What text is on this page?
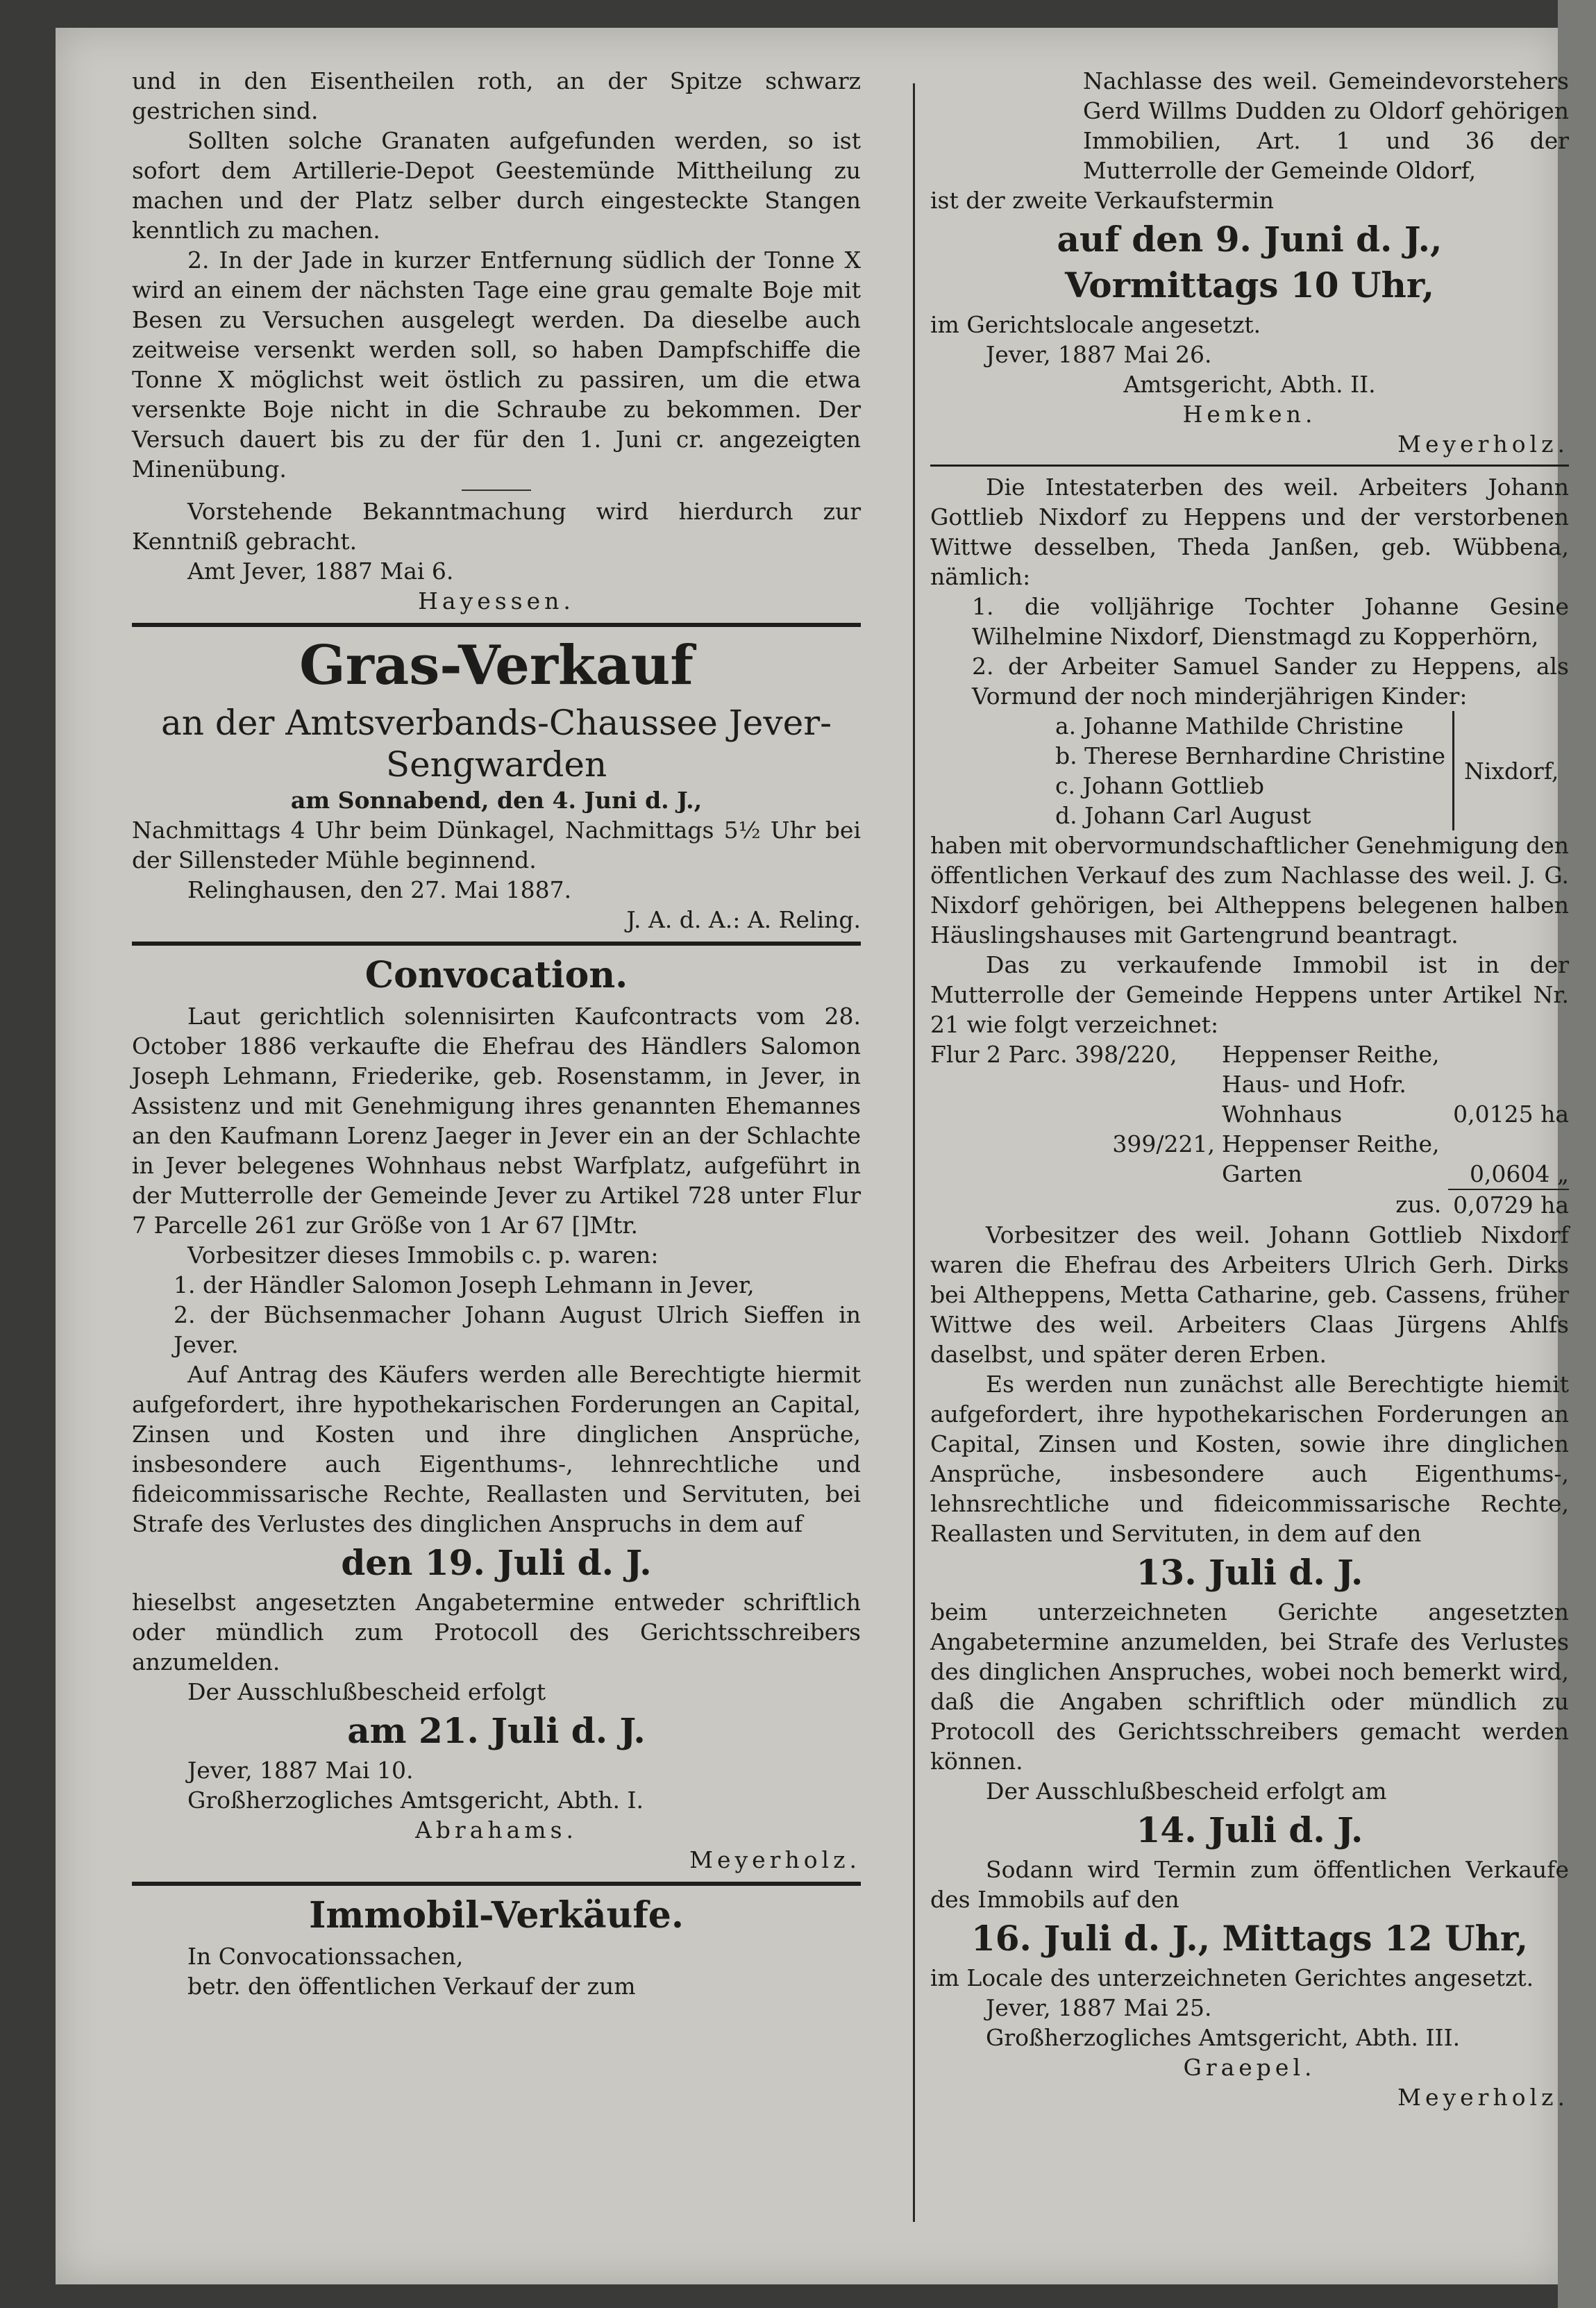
und in den Eisentheilen roth, an der Spitze schwarz gestrichen sind.

Sollten solche Granaten aufgefunden werden, so ist sofort dem Artillerie-Depot Geestemünde Mittheilung zu machen und der Platz selber durch eingesteckte Stangen kenntlich zu machen.

2. In der Jade in kurzer Entfernung südlich der Tonne X wird an einem der nächsten Tage eine grau gemalte Boje mit Besen zu Versuchen ausgelegt werden. Da dieselbe auch zeitweise versenkt werden soll, so haben Dampfschiffe die Tonne X möglichst weit östlich zu passiren, um die etwa versenkte Boje nicht in die Schraube zu bekommen. Der Versuch dauert bis zu der für den 1. Juni cr. angezeigten Minenübung.

Vorstehende Bekanntmachung wird hierdurch zur Kenntniß gebracht.

Amt Jever, 1887 Mai 6.

Hayessen.

Gras-Verkauf

an der Amtsverbands-Chaussee Jever-Sengwarden

am Sonnabend, den 4. Juni d. J.,

Nachmittags 4 Uhr beim Dünkagel, Nachmittags 5½ Uhr bei der Sillensteder Mühle beginnend.

Relinghausen, den 27. Mai 1887.

J. A. d. A.: A. Reling.

Convocation.

Laut gerichtlich solennisirten Kaufcontracts vom 28. October 1886 verkaufte die Ehefrau des Händlers Salomon Joseph Lehmann, Friederike, geb. Rosenstamm, in Jever, in Assistenz und mit Genehmigung ihres genannten Ehemannes an den Kaufmann Lorenz Jaeger in Jever ein an der Schlachte in Jever belegenes Wohnhaus nebst Warfplatz, aufgeführt in der Mutterrolle der Gemeinde Jever zu Artikel 728 unter Flur 7 Parcelle 261 zur Größe von 1 Ar 67 []Mtr.

Vorbesitzer dieses Immobils c. p. waren:

1. der Händler Salomon Joseph Lehmann in Jever,

2. der Büchsenmacher Johann August Ulrich Sieffen in Jever.

Auf Antrag des Käufers werden alle Berechtigte hiermit aufgefordert, ihre hypothekarischen Forderungen an Capital, Zinsen und Kosten und ihre dinglichen Ansprüche, insbesondere auch Eigenthums-, lehnrechtliche und fideicommissarische Rechte, Reallasten und Servituten, bei Strafe des Verlustes des dinglichen Anspruchs in dem auf

den 19. Juli d. J.

hieselbst angesetzten Angabetermine entweder schriftlich oder mündlich zum Protocoll des Gerichtsschreibers anzumelden.

Der Ausschlußbescheid erfolgt

am 21. Juli d. J.

Jever, 1887 Mai 10.

Großherzogliches Amtsgericht, Abth. I.

Abrahams.

Meyerholz.

Immobil-Verkäufe.

In Convocationssachen,

betr. den öffentlichen Verkauf der zum

Nachlasse des weil. Gemeindevorstehers Gerd Willms Dudden zu Oldorf gehörigen Immobilien, Art. 1 und 36 der Mutterrolle der Gemeinde Oldorf,

ist der zweite Verkaufstermin

auf den 9. Juni d. J.,

Vormittags 10 Uhr,

im Gerichtslocale angesetzt.

Jever, 1887 Mai 26.

Amtsgericht, Abth. II.

Hemken.

Meyerholz.

Die Intestaterben des weil. Arbeiters Johann Gottlieb Nixdorf zu Heppens und der verstorbenen Wittwe desselben, Theda Janßen, geb. Wübbena, nämlich:

1. die volljährige Tochter Johanne Gesine Wilhelmine Nixdorf, Dienstmagd zu Kopperhörn,

2. der Arbeiter Samuel Sander zu Heppens, als Vormund der noch minderjährigen Kinder:

a. Johanne Mathilde Christine

b. Therese Bernhardine Christine

c. Johann Gottlieb

d. Johann Carl August

Nixdorf,

haben mit obervormundschaftlicher Genehmigung den öffentlichen Verkauf des zum Nachlasse des weil. J. G. Nixdorf gehörigen, bei Altheppens belegenen halben Häuslingshauses mit Gartengrund beantragt.

Das zu verkaufende Immobil ist in der Mutterrolle der Gemeinde Heppens unter Artikel Nr. 21 wie folgt verzeichnet:

Flur 2 Parc. 398/220,	Heppenser Reithe,	
	Haus- und Hofr.	
	Wohnhaus	0,0125 ha
399/221,	Heppenser Reithe,	
	Garten	0,0604 „
	zus.	0,0729 ha

Vorbesitzer des weil. Johann Gottlieb Nixdorf waren die Ehefrau des Arbeiters Ulrich Gerh. Dirks bei Altheppens, Metta Catharine, geb. Cassens, früher Wittwe des weil. Arbeiters Claas Jürgens Ahlfs daselbst, und später deren Erben.

Es werden nun zunächst alle Berechtigte hiemit aufgefordert, ihre hypothekarischen Forderungen an Capital, Zinsen und Kosten, sowie ihre dinglichen Ansprüche, insbesondere auch Eigenthums-, lehnsrechtliche und fideicommissarische Rechte, Reallasten und Servituten, in dem auf den

13. Juli d. J.

beim unterzeichneten Gerichte angesetzten Angabetermine anzumelden, bei Strafe des Verlustes des dinglichen Anspruches, wobei noch bemerkt wird, daß die Angaben schriftlich oder mündlich zu Protocoll des Gerichtsschreibers gemacht werden können.

Der Ausschlußbescheid erfolgt am

14. Juli d. J.

Sodann wird Termin zum öffentlichen Verkaufe des Immobils auf den

16. Juli d. J., Mittags 12 Uhr,

im Locale des unterzeichneten Gerichtes angesetzt.

Jever, 1887 Mai 25.

Großherzogliches Amtsgericht, Abth. III.

Graepel.

Meyerholz.
